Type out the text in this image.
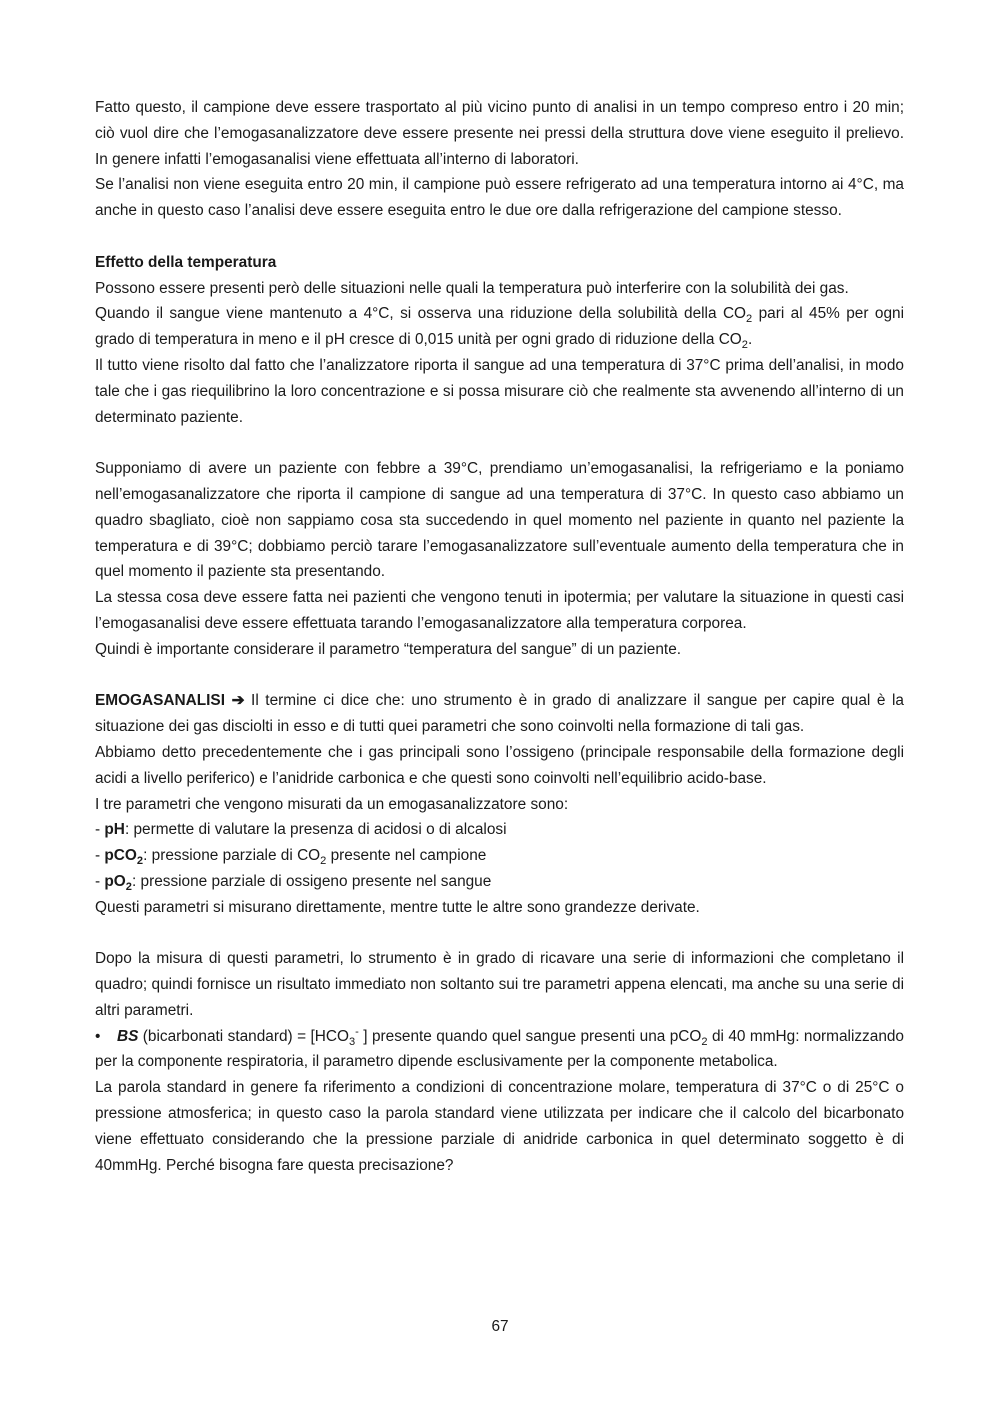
Fatto questo, il campione deve essere trasportato al più vicino punto di analisi in un tempo compreso entro i 20 min; ciò vuol dire che l’emogasanalizzatore deve essere presente nei pressi della struttura dove viene eseguito il prelievo. In genere infatti l’emogasanalisi viene effettuata all’interno di laboratori.

Se l’analisi non viene eseguita entro 20 min, il campione può essere refrigerato ad una temperatura intorno ai 4°C, ma anche in questo caso l’analisi deve essere eseguita entro le due ore dalla refrigerazione del campione stesso.

Effetto della temperatura

Possono essere presenti però delle situazioni nelle quali la temperatura può interferire con la solubilità dei gas.

Quando il sangue viene mantenuto a 4°C, si osserva una riduzione della solubilità della $CO_2$ pari al 45% per ogni grado di temperatura in meno e il pH cresce di 0,015 unità per ogni grado di riduzione della $CO_2$.

Il tutto viene risolto dal fatto che l’analizzatore riporta il sangue ad una temperatura di 37°C prima dell’analisi, in modo tale che i gas riequilibrino la loro concentrazione e si possa misurare ciò che realmente sta avvenendo all’interno di un determinato paziente.

Supponiamo di avere un paziente con febbre a 39°C, prendiamo un’emogasanalisi, la refrigeriamo e la poniamo nell’emogasanalizzatore che riporta il campione di sangue ad una temperatura di 37°C. In questo caso abbiamo un quadro sbagliato, cioè non sappiamo cosa sta succedendo in quel momento nel paziente in quanto nel paziente la temperatura e di 39°C; dobbiamo perciò tarare l’emogasanalizzatore sull’eventuale aumento della temperatura che in quel momento il paziente sta presentando.

La stessa cosa deve essere fatta nei pazienti che vengono tenuti in ipotermia; per valutare la situazione in questi casi l’emogasanalisi deve essere effettuata tarando l’emogasanalizzatore alla temperatura corporea.

Quindi è importante considerare il parametro “temperatura del sangue” di un paziente.

EMOGASANALISI ➔ Il termine ci dice che: uno strumento è in grado di analizzare il sangue per capire qual è la situazione dei gas disciolti in esso e di tutti quei parametri che sono coinvolti nella formazione di tali gas.

Abbiamo detto precedentemente che i gas principali sono l’ossigeno (principale responsabile della formazione degli acidi a livello periferico) e l’anidride carbonica e che questi sono coinvolti nell’equilibrio acido-base.

I tre parametri che vengono misurati da un emogasanalizzatore sono:

- pH: permette di valutare la presenza di acidosi o di alcalosi

- pCO$_2$: pressione parziale di $CO_2$ presente nel campione

- $pO_2$: pressione parziale di ossigeno presente nel sangue

Questi parametri si misurano direttamente, mentre tutte le altre sono grandezze derivate.

Dopo la misura di questi parametri, lo strumento è in grado di ricavare una serie di informazioni che completano il quadro; quindi fornisce un risultato immediato non soltanto sui tre parametri appena elencati, ma anche su una serie di altri parametri.

• BS (bicarbonati standard) = [$HCO_3^-$ ] presente quando quel sangue presenti una pCO$_2$ di 40 mmHg: normalizzando per la componente respiratoria, il parametro dipende esclusivamente per la componente metabolica.

La parola standard in genere fa riferimento a condizioni di concentrazione molare, temperatura di 37°C o di 25°C o pressione atmosferica; in questo caso la parola standard viene utilizzata per indicare che il calcolo del bicarbonato viene effettuato considerando che la pressione parziale di anidride carbonica in quel determinato soggetto è di 40mmHg. Perché bisogna fare questa precisazione?

67
